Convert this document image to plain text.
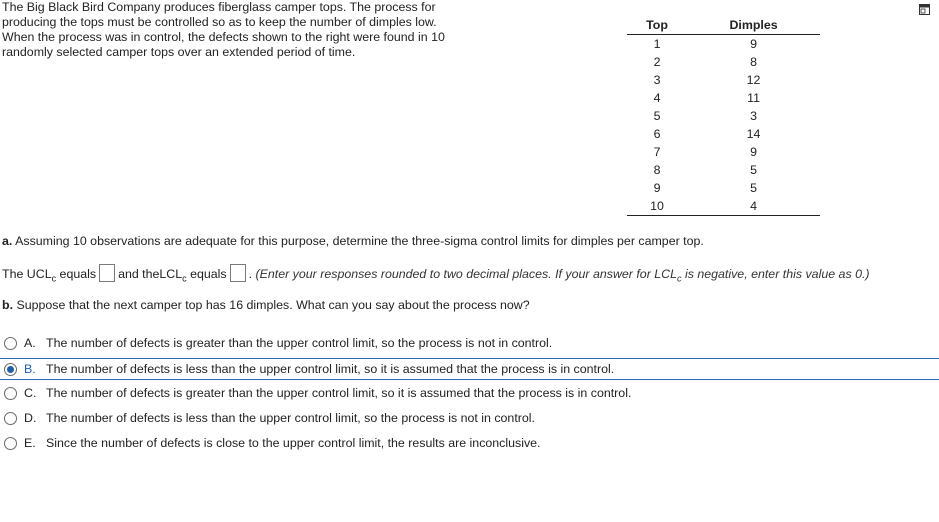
The Big Black Bird Company produces fiberglass camper tops. The process for producing the tops must be controlled so as to keep the number of dimples low. When the process was in control, the defects shown to the right were found in 10 randomly selected camper tops over an extended period of time.
Top	Dimples
1	9
2	8
3	12
4	11
5	3
6	14
7	9
8	5
9	5
10	4
a. Assuming 10 observations are adequate for this purpose, determine the three-sigma control limits for dimples per camper top.
The $UCL_c$ equals and theLCL$_c$ equals . (Enter your responses rounded to two decimal places. If your answer for $LCL_c$ is negative, enter this value as 0.)
b. Suppose that the next camper top has 16 dimples. What can you say about the process now?
A. The number of defects is greater than the upper control limit, so the process is not in control.
B. The number of defects is less than the upper control limit, so it is assumed that the process is in control.
C. The number of defects is greater than the upper control limit, so it is assumed that the process is in control.
D. The number of defects is less than the upper control limit, so the process is not in control.
E. Since the number of defects is close to the upper control limit, the results are inconclusive.
